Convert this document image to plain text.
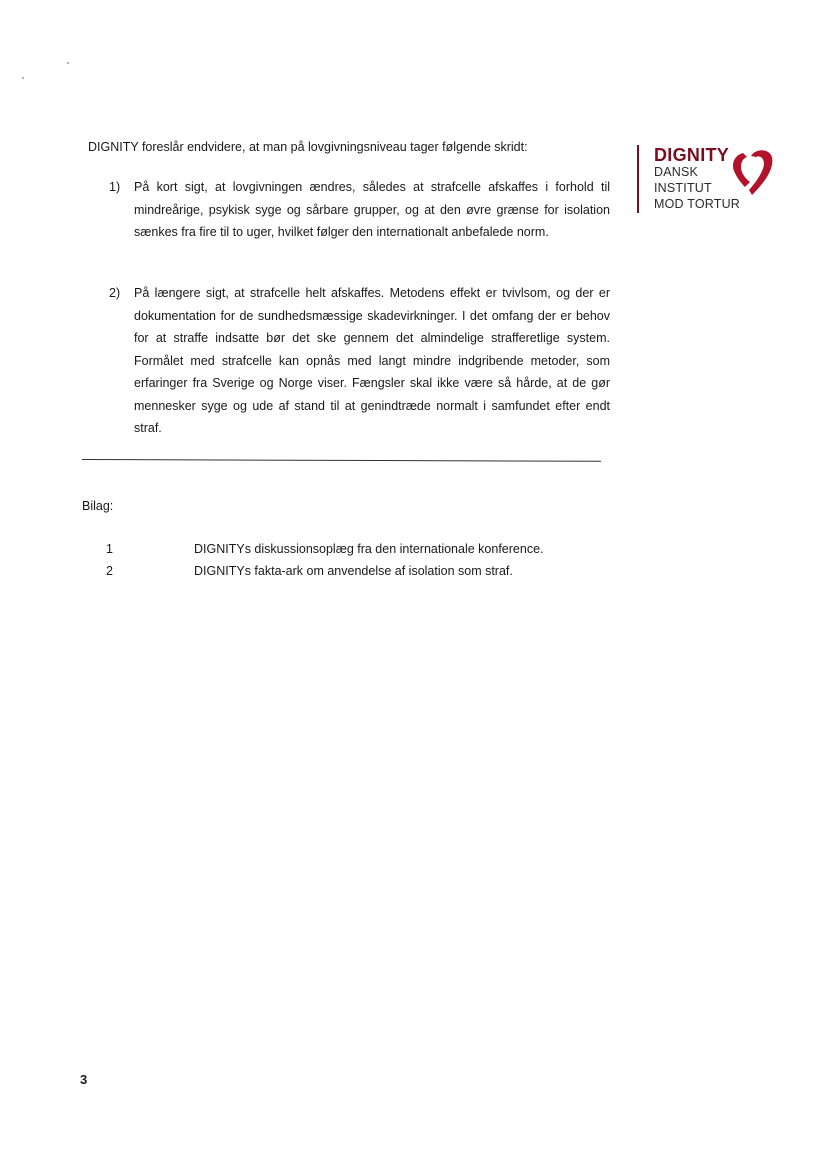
DIGNITY
DANSK
INSTITUT
MOD TORTUR
DIGNITY foreslår endvidere, at man på lovgivningsniveau tager følgende skridt:
1) På kort sigt, at lovgivningen ændres, således at strafcelle afskaffes i forhold til mindreårige, psykisk syge og sårbare grupper, og at den øvre grænse for isolation sænkes fra fire til to uger, hvilket følger den internationalt anbefalede norm.
2) På længere sigt, at strafcelle helt afskaffes. Metodens effekt er tvivlsom, og der er dokumentation for de sundhedsmæssige skadevirkninger. I det omfang der er behov for at straffe indsatte bør det ske gennem det almindelige strafferetlige system. Formålet med strafcelle kan opnås med langt mindre indgribende metoder, som erfaringer fra Sverige og Norge viser. Fængsler skal ikke være så hårde, at de gør mennesker syge og ude af stand til at genindtræde normalt i samfundet efter endt straf.
Bilag:
1	DIGNITYs diskussionsoplæg fra den internationale konference.
2	DIGNITYs fakta-ark om anvendelse af isolation som straf.
3
